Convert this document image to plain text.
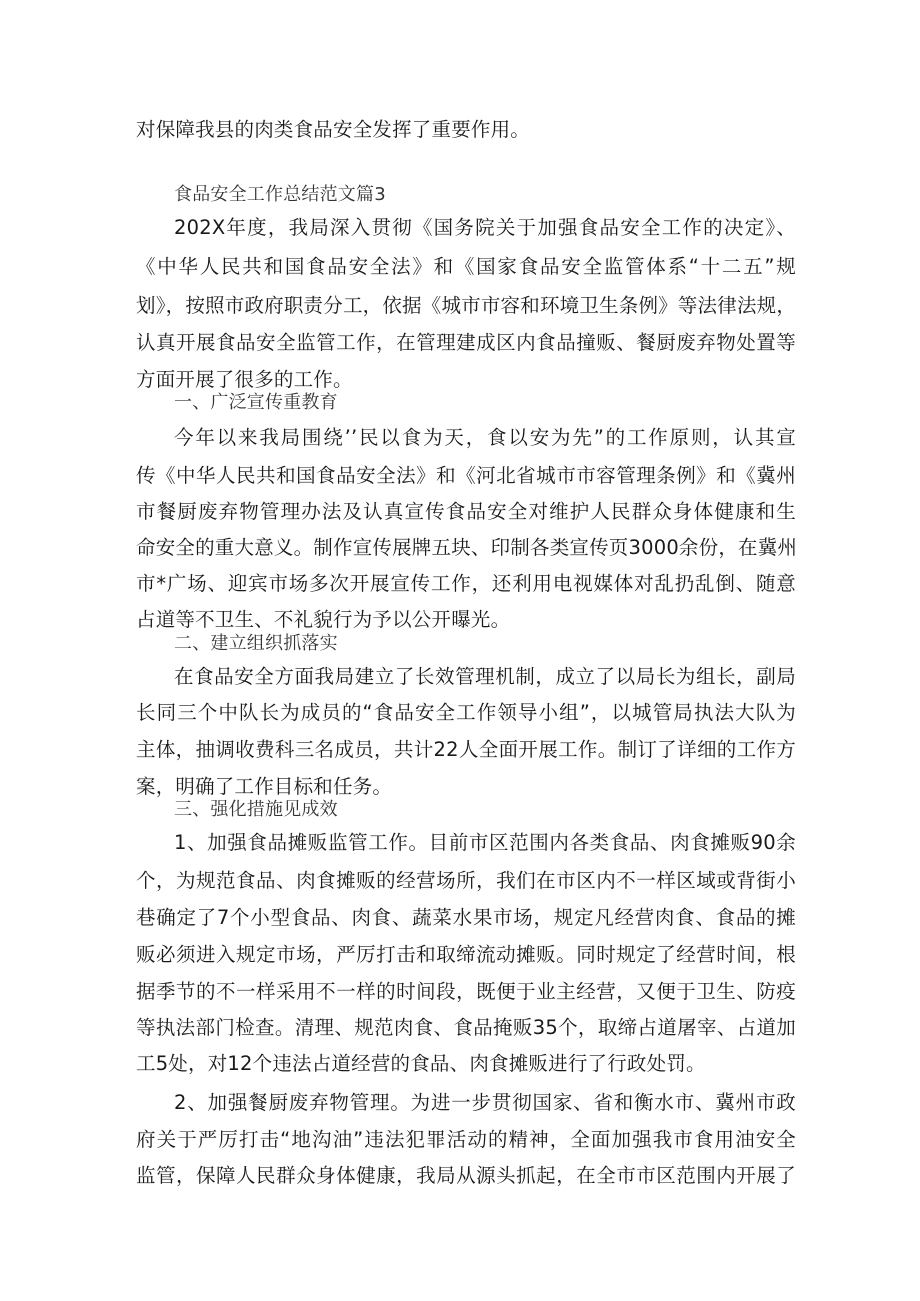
对保障我县的肉类食品安全发挥了重要作用。
食品安全工作总结范文篇3
202X年度，我局深入贯彻《国务院关于加强食品安全工作的决定》、
《中华人民共和国食品安全法》和《国家食品安全监管体系“十二五”规
划》，按照市政府职责分工，依据《城市市容和环境卫生条例》等法律法规，
认真开展食品安全监管工作，在管理建成区内食品撞贩、餐厨废弃物处置等
方面开展了很多的工作。
一、广泛宣传重教育
今年以来我局围绕’’民以食为天，食以安为先”的工作原则，认其宣
传《中华人民共和国食品安全法》和《河北省城市市容管理条例》和《冀州
市餐厨废弃物管理办法及认真宣传食品安全对维护人民群众身体健康和生
命安全的重大意义。制作宣传展牌五块、印制各类宣传页3000余份，在冀州
市*广场、迎宾市场多次开展宣传工作，还利用电视媒体对乱扔乱倒、随意
占道等不卫生、不礼貌行为予以公开曝光。
二、建立组织抓落实
在食品安全方面我局建立了长效管理机制，成立了以局长为组长，副局
长同三个中队长为成员的“食品安全工作领导小组”，以城管局执法大队为
主体，抽调收费科三名成员，共计22人全面开展工作。制订了详细的工作方
案，明确了工作目标和任务。
三、强化措施见成效
1、加强食品摊贩监管工作。目前市区范围内各类食品、肉食摊贩90余
个，为规范食品、肉食摊贩的经营场所，我们在市区内不一样区域或背街小
巷确定了7个小型食品、肉食、蔬菜水果市场，规定凡经营肉食、食品的摊
贩必须进入规定市场，严厉打击和取缔流动摊贩。同时规定了经营时间，根
据季节的不一样采用不一样的时间段，既便于业主经营，又便于卫生、防疫
等执法部门检查。清理、规范肉食、食品掩贩35个，取缔占道屠宰、占道加
工5处，对12个违法占道经营的食品、肉食摊贩进行了行政处罚。
2、加强餐厨废弃物管理。为进一步贯彻国家、省和衡水市、冀州市政
府关于严厉打击“地沟油”违法犯罪活动的精神，全面加强我市食用油安全
监管，保障人民群众身体健康，我局从源头抓起，在全市市区范围内开展了
